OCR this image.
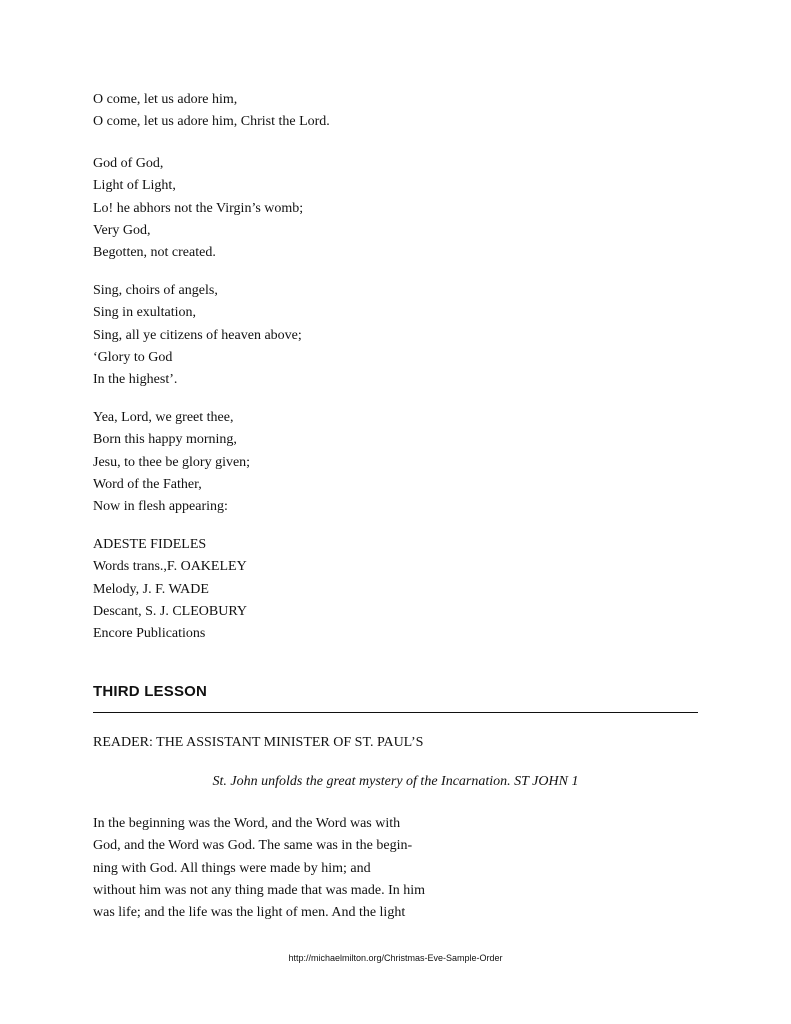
O come, let us adore him,
O come, let us adore him, Christ the Lord.
God of God,
Light of Light,
Lo! he abhors not the Virgin’s womb;
Very God,
Begotten, not created.
Sing, choirs of angels,
Sing in exultation,
Sing, all ye citizens of heaven above;
‘Glory to God
In the highest’.
Yea, Lord, we greet thee,
Born this happy morning,
Jesu, to thee be glory given;
Word of the Father,
Now in flesh appearing:
ADESTE FIDELES
Words trans.,F. OAKELEY
Melody, J. F. WADE
Descant, S. J. CLEOBURY
Encore Publications
THIRD LESSON
READER: THE ASSISTANT MINISTER OF ST. PAUL’S
St. John unfolds the great mystery of the Incarnation. ST JOHN 1
In the beginning was the Word, and the Word was with
God, and the Word was God. The same was in the begin-
ning with God. All things were made by him; and
without him was not any thing made that was made. In him
was life; and the life was the light of men. And the light
http://michaelmilton.org/Christmas-Eve-Sample-Order
